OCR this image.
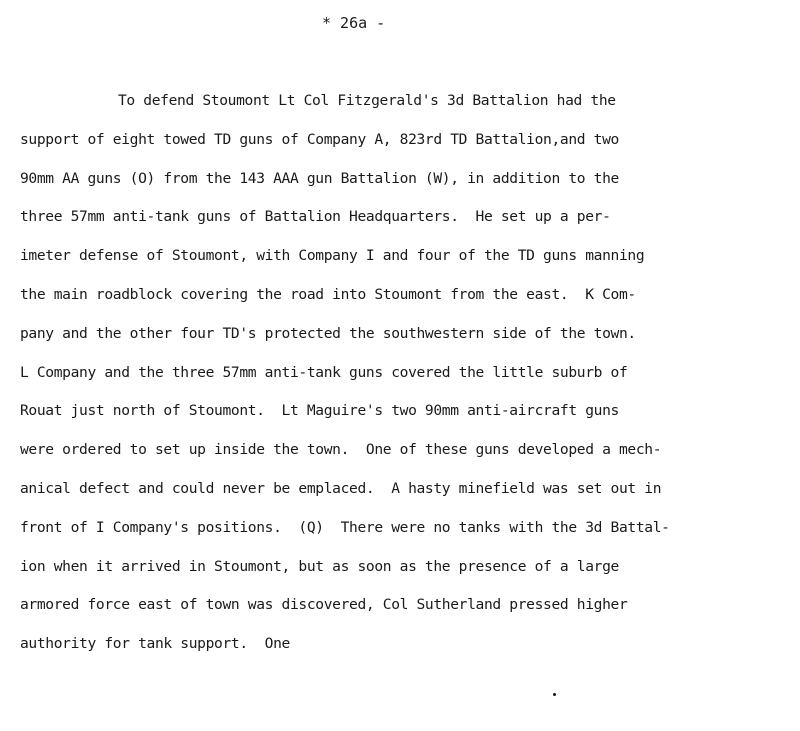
* 26a -
To defend Stoumont Lt Col Fitzgerald's 3d Battalion had the
support of eight towed TD guns of Company A, 823rd TD Battalion,and two
90mm AA guns (O) from the 143 AAA gun Battalion (W), in addition to the
three 57mm anti-tank guns of Battalion Headquarters.  He set up a per-
imeter defense of Stoumont, with Company I and four of the TD guns manning
the main roadblock covering the road into Stoumont from the east.  K Com-
pany and the other four TD's protected the southwestern side of the town.
L Company and the three 57mm anti-tank guns covered the little suburb of
Rouat just north of Stoumont.  Lt Maguire's two 90mm anti-aircraft guns
were ordered to set up inside the town.  One of these guns developed a mech-
anical defect and could never be emplaced.  A hasty minefield was set out in
front of I Company's positions.  (Q)  There were no tanks with the 3d Battal-
ion when it arrived in Stoumont, but as soon as the presence of a large
armored force east of town was discovered, Col Sutherland pressed higher
authority for tank support.  One
